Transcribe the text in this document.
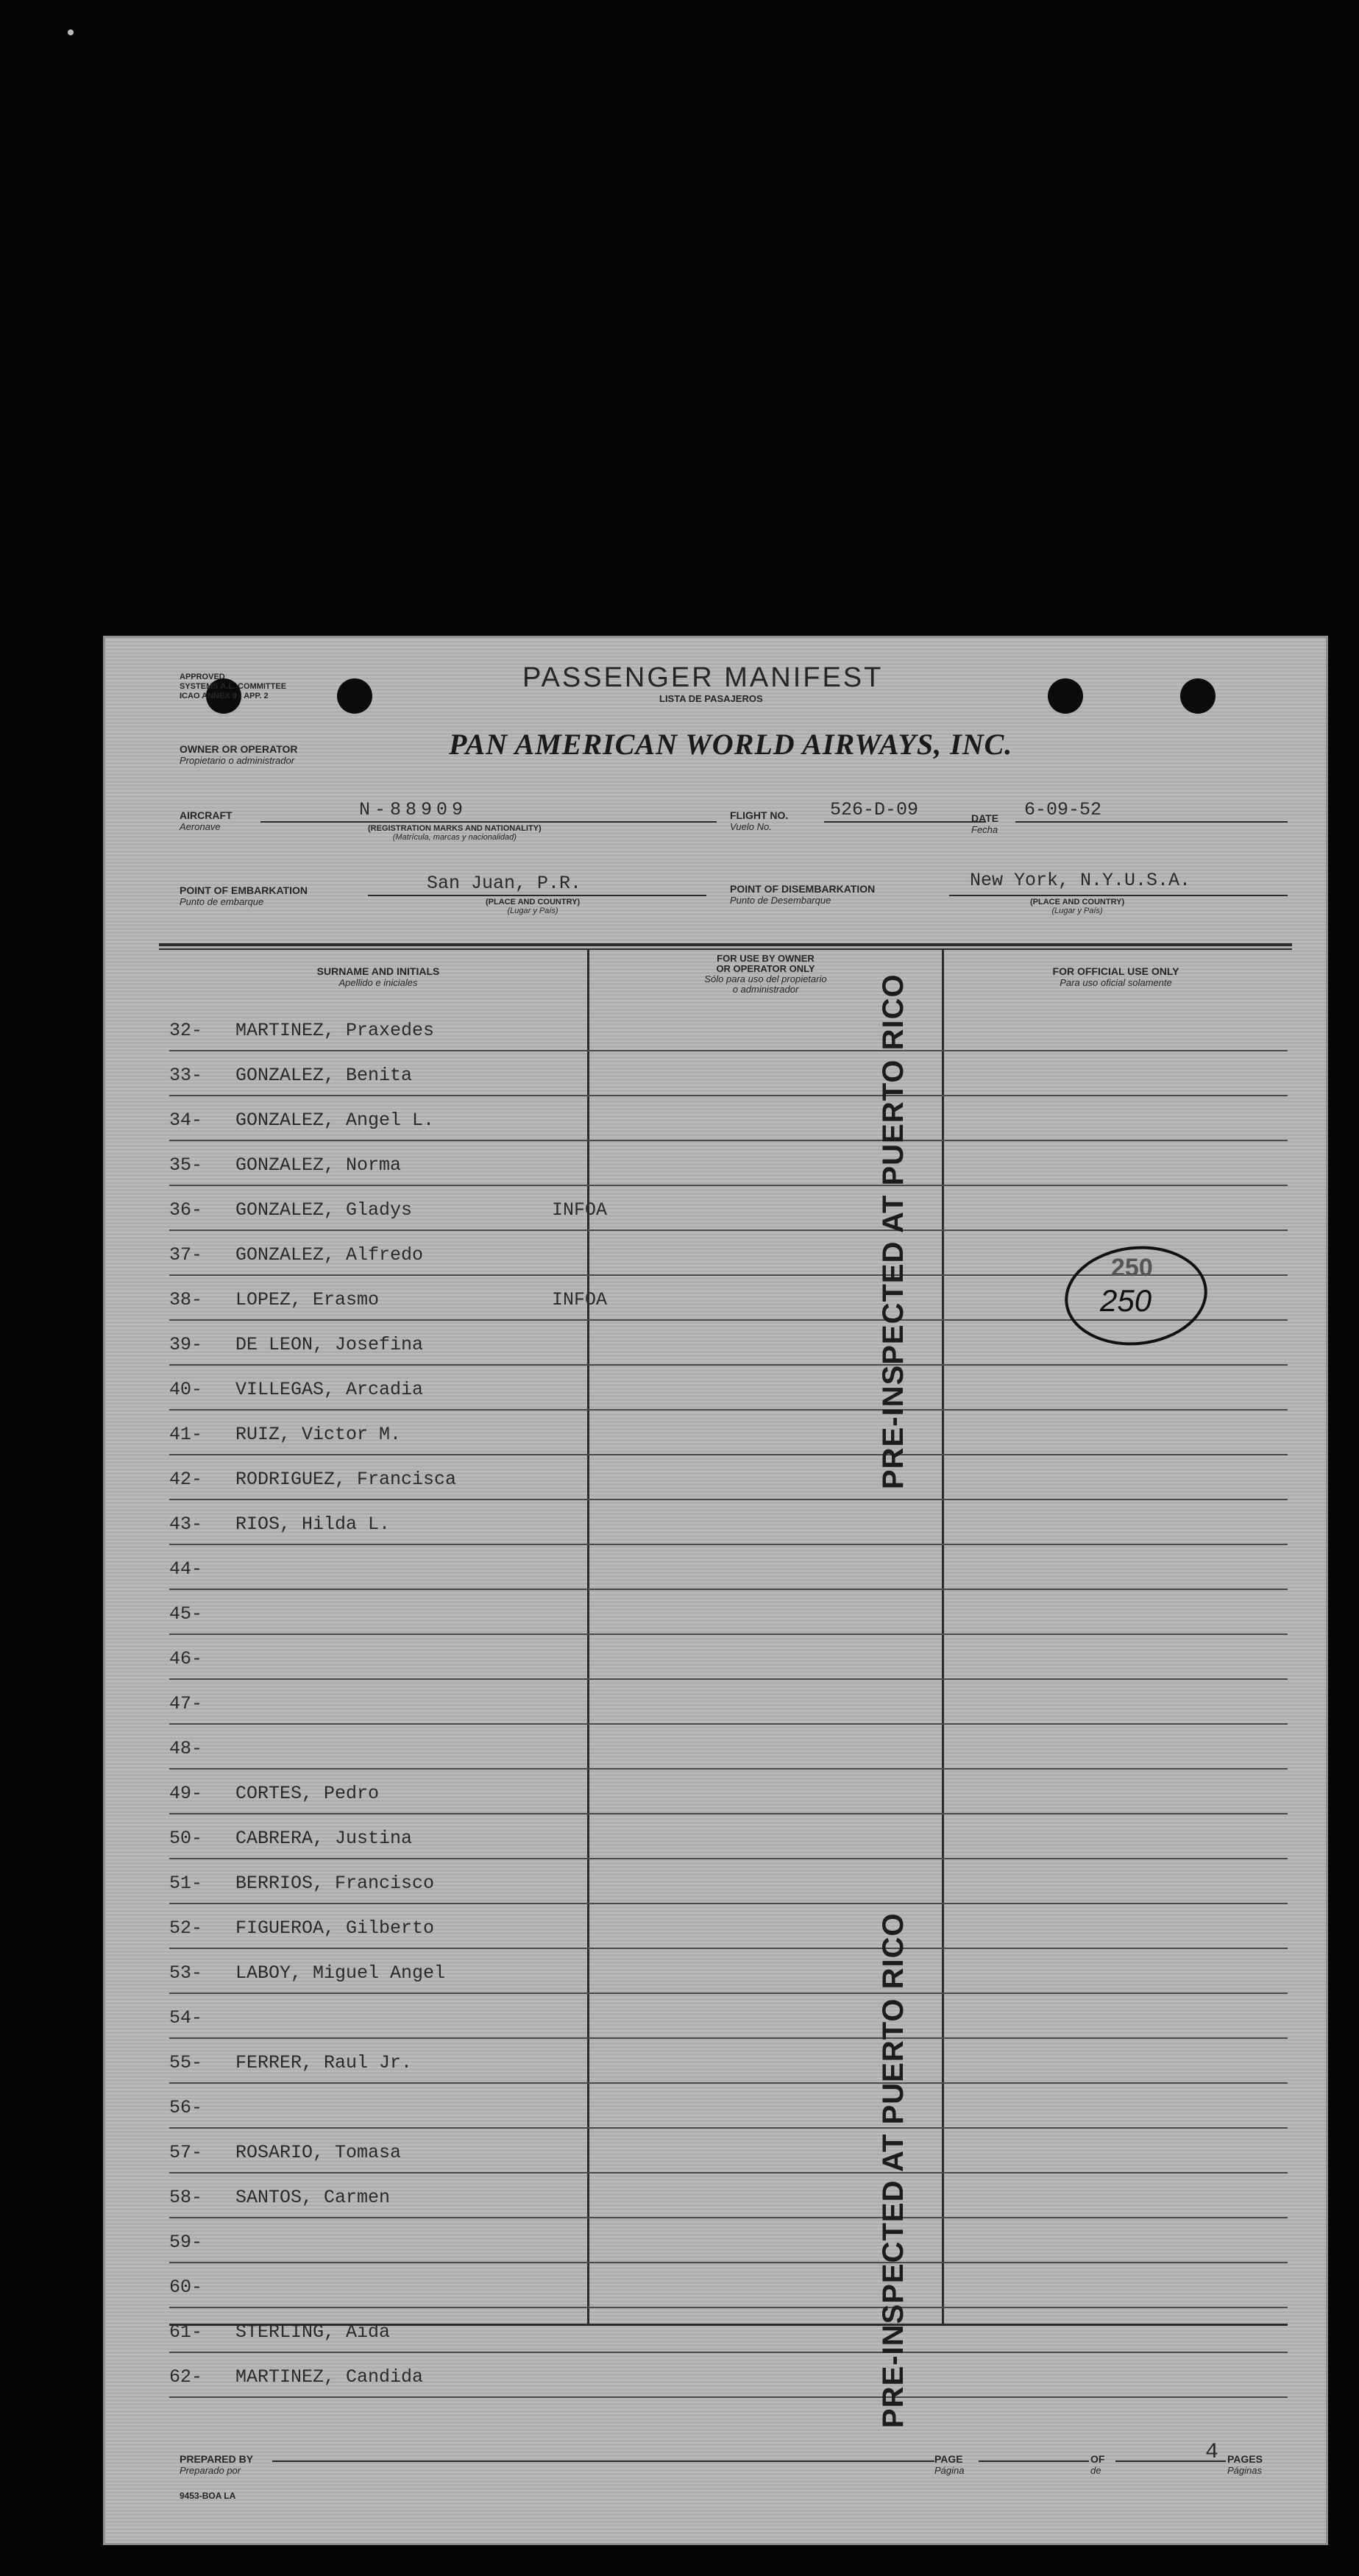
APPROVED
SYSTEMS A.L. COMMITTEE
ICAO ANNEX 9 - APP. 2
PASSENGER MANIFEST
LISTA DE PASAJEROS
OWNER OR OPERATOR
Propietario o administrador	PAN AMERICAN WORLD AIRWAYS, INC.
AIRCRAFT
Aeronave
N-88909
(REGISTRATION MARKS AND NATIONALITY)
(Matrícula, marcas y nacionalidad)
FLIGHT NO.
Vuelo No.
526-D-09	DATE
Fecha
6-09-52
POINT OF EMBARKATION
Punto de embarque
San Juan, P.R.
(PLACE AND COUNTRY)
(Lugar y País)
POINT OF DISEMBARKATION
Punto de Desembarque
New York, N.Y.U.S.A.
(PLACE AND COUNTRY)
(Lugar y País)
SURNAME AND INITIALS
Apellido e iniciales
FOR USE BY OWNER
OR OPERATOR ONLY
Sólo para uso del propietario
o administrador
FOR OFFICIAL USE ONLY
Para uso oficial solamente
32-	MARTINEZ, Praxedes
33-	GONZALEZ, Benita
34-	GONZALEZ, Angel L.
35-	GONZALEZ, Norma
36-	GONZALEZ, Gladys	INFOA
37-	GONZALEZ, Alfredo
38-	LOPEZ, Erasmo	INFOA
39-	DE LEON, Josefina
40-	VILLEGAS, Arcadia
41-	RUIZ, Victor M.
42-	RODRIGUEZ, Francisca
43-	RIOS, Hilda L.
44-
45-
46-
47-
48-
49-	CORTES, Pedro
50-	CABRERA, Justina
51-	BERRIOS, Francisco
52-	FIGUEROA, Gilberto
53-	LABOY, Miguel Angel
54-
55-	FERRER, Raul Jr.
56-
57-	ROSARIO, Tomasa
58-	SANTOS, Carmen
59-
60-
61-	STERLING, Aida
62-	MARTINEZ, Candida
PRE-INSPECTED AT PUERTO RICO
PRE-INSPECTED AT PUERTO RICO
250
250
PREPARED BY
Preparado por
9453-BOA LA
PAGE
Página
OF
de
4 PAGES
Páginas
